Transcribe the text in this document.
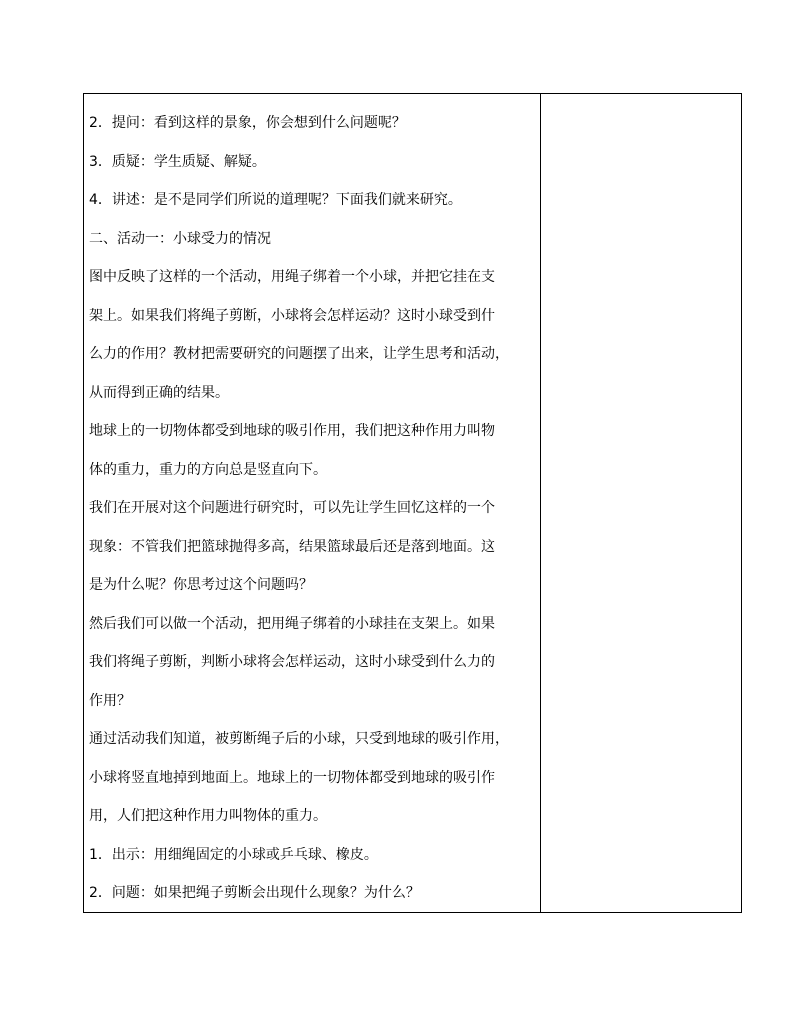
2．提问：看到这样的景象，你会想到什么问题呢？

3．质疑：学生质疑、解疑。

4．讲述：是不是同学们所说的道理呢？下面我们就来研究。

二、活动一：小球受力的情况

图中反映了这样的一个活动，用绳子绑着一个小球，并把它挂在支

架上。如果我们将绳子剪断，小球将会怎样运动？这时小球受到什

么力的作用？教材把需要研究的问题摆了出来，让学生思考和活动，

从而得到正确的结果。

地球上的一切物体都受到地球的吸引作用，我们把这种作用力叫物

体的重力，重力的方向总是竖直向下。

我们在开展对这个问题进行研究时，可以先让学生回忆这样的一个

现象：不管我们把篮球抛得多高，结果篮球最后还是落到地面。这

是为什么呢？你思考过这个问题吗？

然后我们可以做一个活动，把用绳子绑着的小球挂在支架上。如果

我们将绳子剪断，判断小球将会怎样运动，这时小球受到什么力的

作用？

通过活动我们知道，被剪断绳子后的小球，只受到地球的吸引作用，

小球将竖直地掉到地面上。地球上的一切物体都受到地球的吸引作

用，人们把这种作用力叫物体的重力。

1．出示：用细绳固定的小球或乒乓球、橡皮。

2．问题：如果把绳子剪断会出现什么现象？为什么？
